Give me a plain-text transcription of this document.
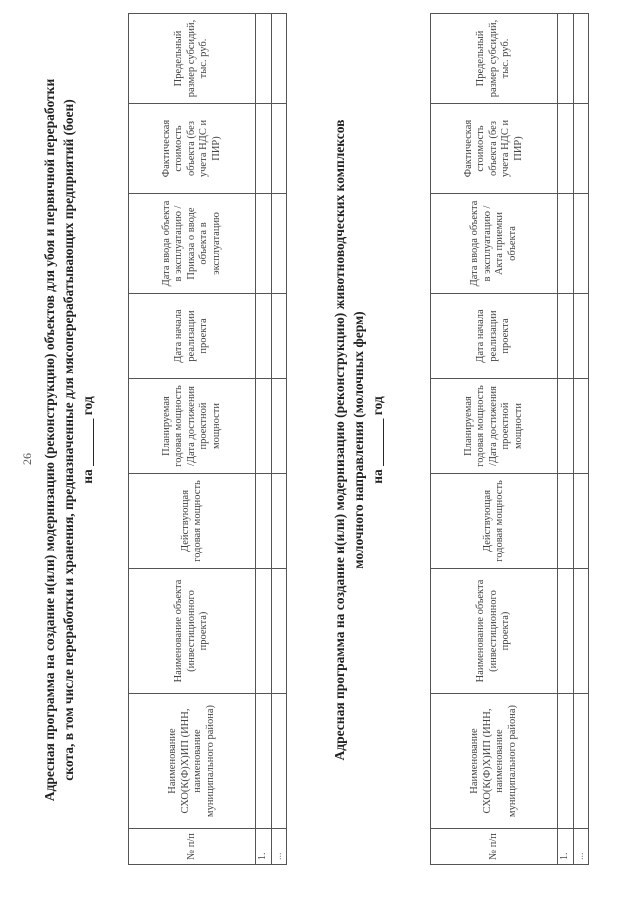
26 Адресная программа на создание и(или) модернизацию (реконструкцию) объектов для убоя и первичной переработки скота, в том числе переработки и хранения, предназначенные для мясоперерабатывающих предприятий (боен) на _______ год
№ п/п	Наименование СХО(К(Ф)Х)ИП (ИНН, наименование муниципального района)	Наименование объекта (инвестиционного проекта)	Действующая годовая мощность	Планируемая годовая мощность /Дата достижения проектной мощности	Дата начала реализации проекта	Дата ввода объекта в эксплуатацию /Приказа о вводе объекта в эксплуатацию	Фактическая стоимость объекта (без учета НДС и ПИР)	Предельный размер субсидий, тыс. руб.
1.								
...								
Адресная программа на создание и(или) модернизацию (реконструкцию) животноводческих комплексов молочного направления (молочных ферм) на _______ год
№ п/п	Наименование СХО(К(Ф)Х)ИП (ИНН, наименование муниципального района)	Наименование объекта (инвестиционного проекта)	Действующая годовая мощность	Планируемая годовая мощность /Дата достижения проектной мощности	Дата начала реализации проекта	Дата ввода объекта в эксплуатацию / Акта приемки объекта	Фактическая стоимость объекта (без учета НДС и ПИР)	Предельный размер субсидий, тыс. руб.
1.								
...								
